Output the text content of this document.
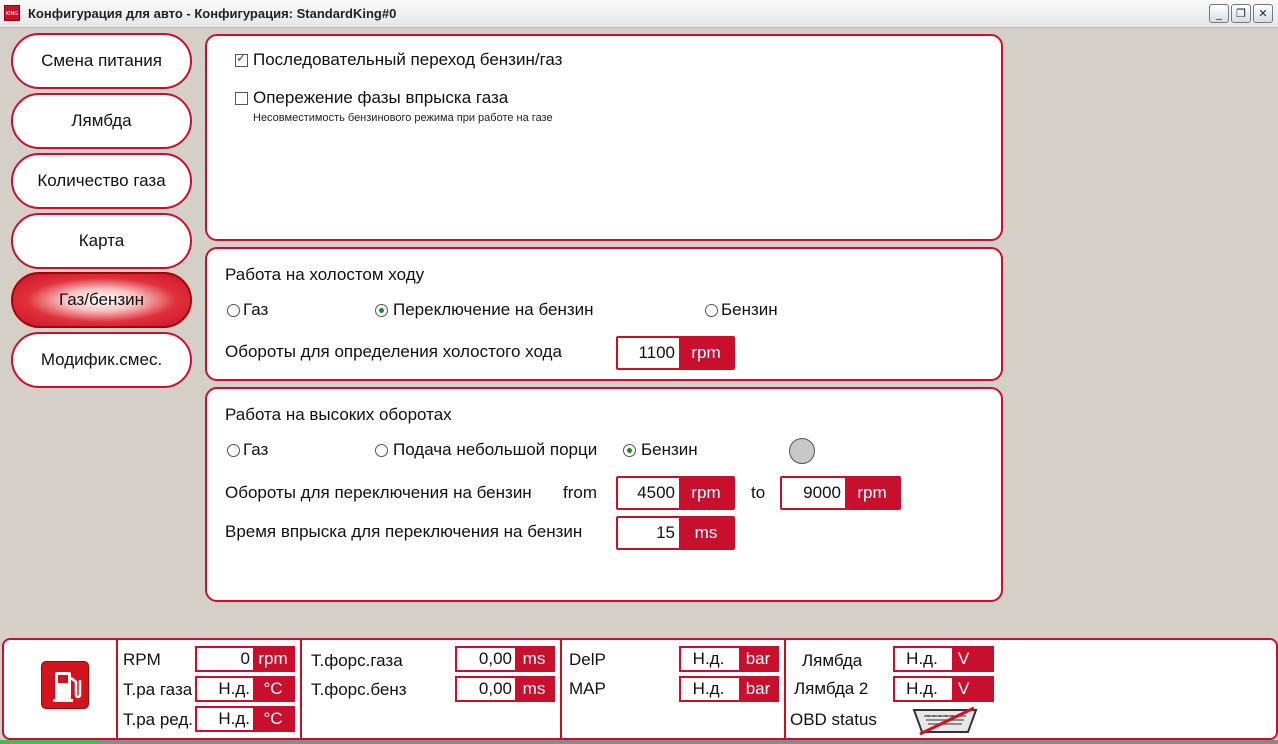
KING Конфигурация для авто - Конфигурация: StandardKing#0	_	❐	✕
Смена питания
Лямбда
Количество газа
Карта
Газ/бензин
Модифик.смес.
✓
Последовательный переход бензин/газ
Опережение фазы впрыска газа
Несовместимость бензинового режима при работе на газе
Работа на холостом ходу
Газ	Переключение на бензин	Бензин
Обороты для определения холостого хода	1100 rpm
Работа на высоких оборотах
Газ	Подача небольшой порци	Бензин
Обороты для переключения на бензин	from	4500 rpm	to	9000 rpm
Время впрыска для переключения на бензин	15	ms
RPM	0 rpm
Т.ра газа	Н.д. °C
Т.ра ред.	Н.д. °C
Т.форс.газа	0,00 ms
Т.форс.бенз	0,00 ms
DelP	Н.д.	bar
MAP	Н.д.	bar
Лямбда	Н.д.	V
Лямбда 2	Н.д.	V
OBD status
